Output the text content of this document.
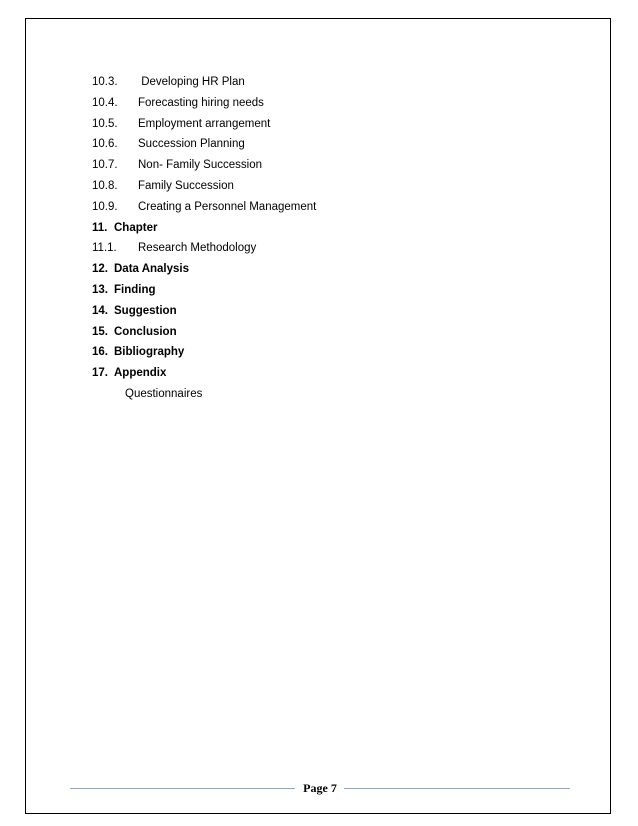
10.3. Developing HR Plan
10.4. Forecasting hiring needs
10.5. Employment arrangement
10.6. Succession Planning
10.7. Non- Family Succession
10.8. Family Succession
10.9. Creating a Personnel Management
11. Chapter
11.1. Research Methodology
12. Data Analysis
13. Finding
14. Suggestion
15. Conclusion
16. Bibliography
17. Appendix
Questionnaires
Page 7
